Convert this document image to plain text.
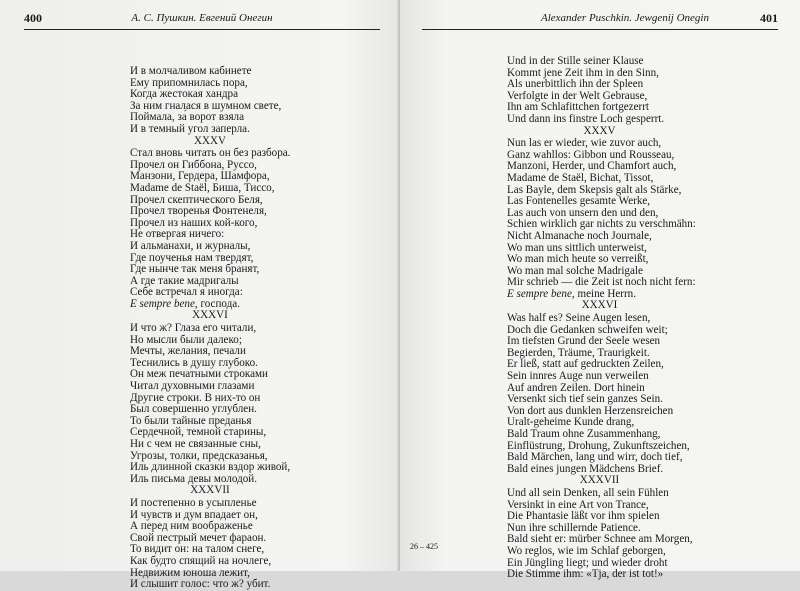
400	А. С. Пушкин. Евгений Онегин
И в молчаливом кабинете
Ему припомнилась пора,
Когда жестокая хандра
За ним гналася в шумном свете,
Поймала, за́ ворот взяла
И в темный угол заперла.
XXXV
Стал вновь читать он без разбора.
Прочел он Гиббона, Руссо,
Манзони, Гердера, Шамфора,
Madame de Staël, Биша, Тиссо,
Прочел скептического Беля,
Прочел творенья Фонтенеля,
Прочел из наших кой-кого,
Не отвергая ничего:
И альманахи, и журналы,
Где поученья нам твердят,
Где нынче так меня бранят,
А где такие мадригалы
Себе встречал я иногда:
E sempre bene, господа.
XXXVI
И что ж? Глаза его читали,
Но мысли были далеко;
Мечты, желания, печали
Теснились в душу глубоко.
Он меж печатными строками
Читал духовными глазами
Другие строки. В них-то он
Был совершенно углублен.
То были тайные преданья
Сердечной, темной старины,
Ни с чем не связанные сны,
Угрозы, толки, предсказанья,
Иль длинной сказки вздор живой,
Иль письма девы молодой.
XXXVII
И постепенно в усыпленье
И чувств и дум впадает он,
А перед ним воображенье
Свой пестрый мечет фараон.
То видит он: на талом снеге,
Как будто спящий на ночлеге,
Недвижим юноша лежит,
И слышит голос: что ж? убит.
Alexander Puschkin. Jewgenij Onegin	401
Und in der Stille seiner Klause
Kommt jene Zeit ihm in den Sinn,
Als unerbittlich ihn der Spleen
Verfolgte in der Welt Gebrause,
Ihn am Schlafittchen fortgezerrt
Und dann ins finstre Loch gesperrt.
XXXV
Nun las er wieder, wie zuvor auch,
Ganz wahllos: Gibbon und Rousseau,
Manzoni, Herder, und Chamfort auch,
Madame de Staël, Bichat, Tissot,
Las Bayle, dem Skepsis galt als Stärke,
Las Fontenelles gesamte Werke,
Las auch von unsern den und den,
Schien wirklich gar nichts zu verschmähn:
Nicht Almanache noch Journale,
Wo man uns sittlich unterweist,
Wo man mich heute so verreißt,
Wo man mal solche Madrigale
Mir schrieb — die Zeit ist noch nicht fern:
E sempre bene, meine Herrn.
XXXVI
Was half es? Seine Augen lesen,
Doch die Gedanken schweifen weit;
Im tiefsten Grund der Seele wesen
Begierden, Träume, Traurigkeit.
Er ließ, statt auf gedruckten Zeilen,
Sein innres Auge nun verweilen
Auf andren Zeilen. Dort hinein
Versenkt sich tief sein ganzes Sein.
Von dort aus dunklen Herzensreichen
Uralt-geheime Kunde drang,
Bald Traum ohne Zusammenhang,
Einflüstrung, Drohung, Zukunftszeichen,
Bald Märchen, lang und wirr, doch tief,
Bald eines jungen Mädchens Brief.
XXXVII
Und all sein Denken, all sein Fühlen
Versinkt in eine Art von Trance,
Die Phantasie läßt vor ihm spielen
Nun ihre schillernde Patience.
Bald sieht er: mürber Schnee am Morgen,
Wo reglos, wie im Schlaf geborgen,
Ein Jüngling liegt; und wieder droht
Die Stimme ihm: «Tja, der ist tot!»
26 – 425
